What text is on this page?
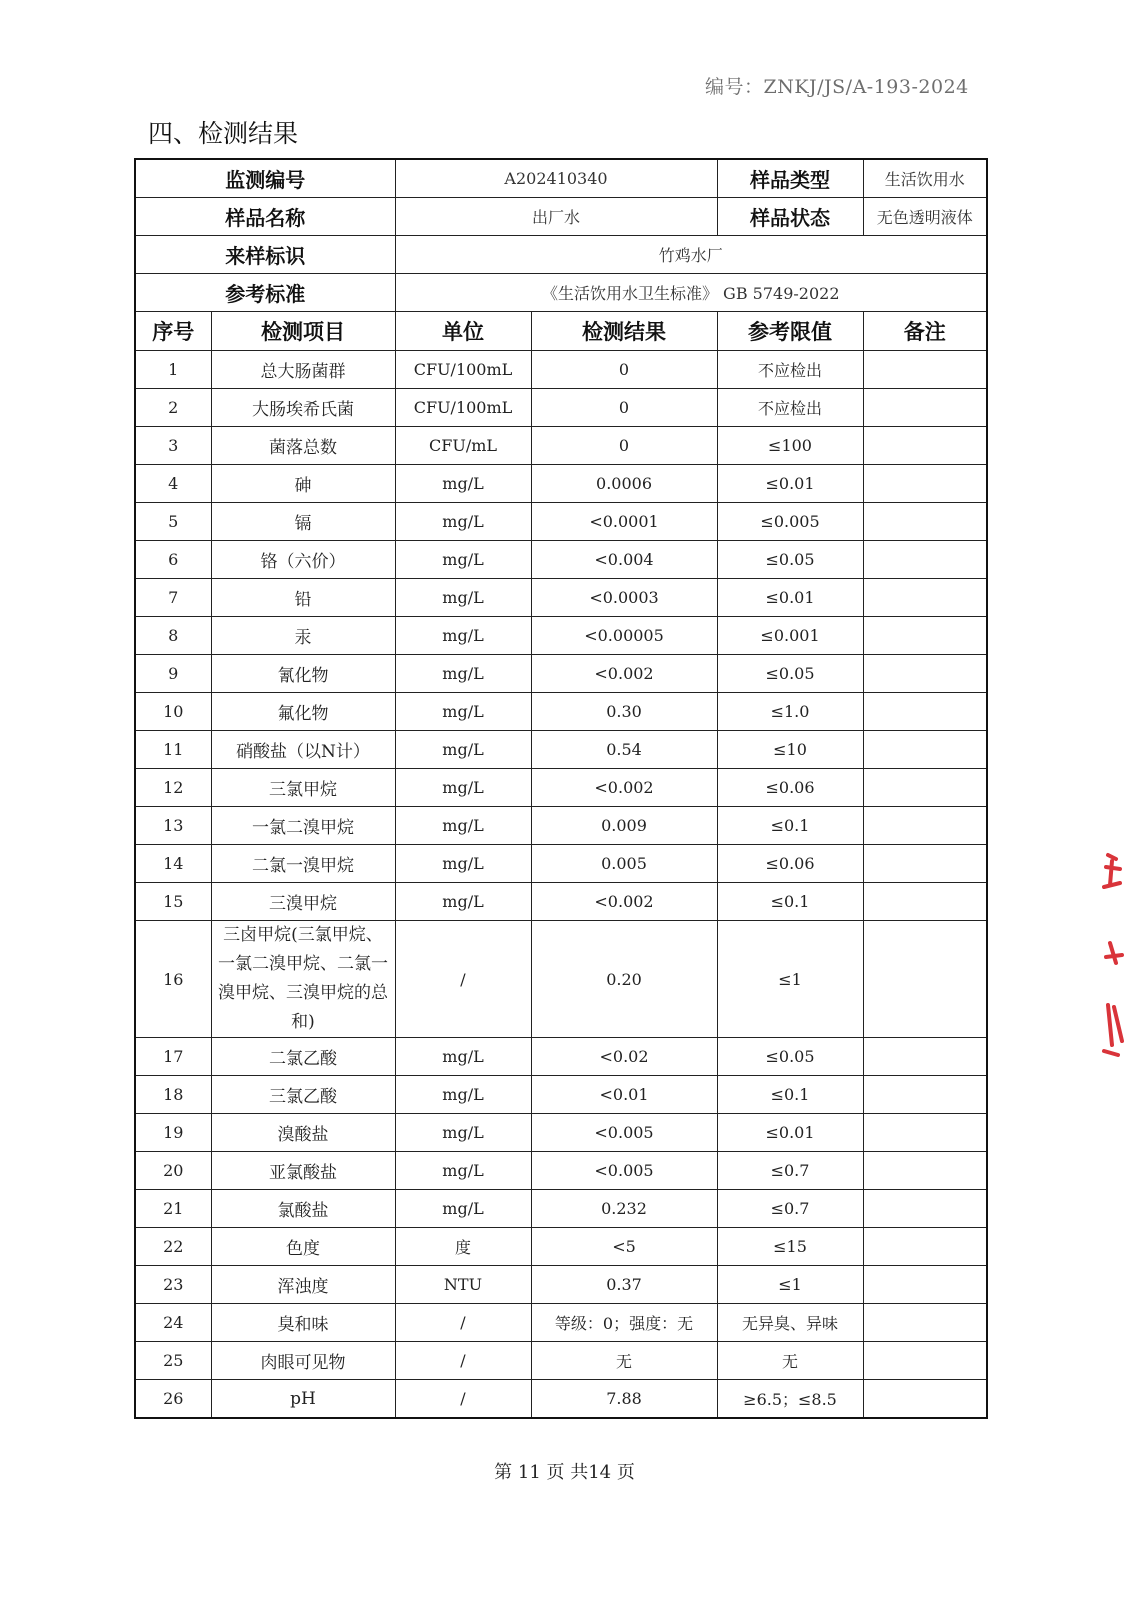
编号：ZNKJ/JS/A-193-2024
四、检测结果
监测编号		A202410340		样品类型	生活饮用水
样品名称		出厂水		样品状态	无色透明液体
来样标识		竹鸡水厂			
参考标准		《生活饮用水卫生标准》 GB 5749-2022			
序号	检测项目	单位	检测结果	参考限值	备注
1	总大肠菌群	CFU/100mL	0	不应检出	
2	大肠埃希氏菌	CFU/100mL	0	不应检出	
3	菌落总数	CFU/mL	0	≤100	
4	砷	mg/L	0.0006	≤0.01	
5	镉	mg/L	<0.0001	≤0.005	
6	铬（六价）	mg/L	<0.004	≤0.05	
7	铅	mg/L	<0.0003	≤0.01	
8	汞	mg/L	<0.00005	≤0.001	
9	氰化物	mg/L	<0.002	≤0.05	
10	氟化物	mg/L	0.30	≤1.0	
11	硝酸盐（以N计）	mg/L	0.54	≤10	
12	三氯甲烷	mg/L	<0.002	≤0.06	
13	一氯二溴甲烷	mg/L	0.009	≤0.1	
14	二氯一溴甲烷	mg/L	0.005	≤0.06	
15	三溴甲烷	mg/L	<0.002	≤0.1	
16	三卤甲烷(三氯甲烷、一氯二溴甲烷、二氯一溴甲烷、三溴甲烷的总和)	/	0.20	≤1	
17	二氯乙酸	mg/L	<0.02	≤0.05	
18	三氯乙酸	mg/L	<0.01	≤0.1	
19	溴酸盐	mg/L	<0.005	≤0.01	
20	亚氯酸盐	mg/L	<0.005	≤0.7	
21	氯酸盐	mg/L	0.232	≤0.7	
22	色度	度	<5	≤15	
23	浑浊度	NTU	0.37	≤1	
24	臭和味	/	等级：0；强度：无	无异臭、异味	
25	肉眼可见物	/	无	无	
26	pH	/	7.88	≥6.5；≤8.5	
第 11 页 共14 页
